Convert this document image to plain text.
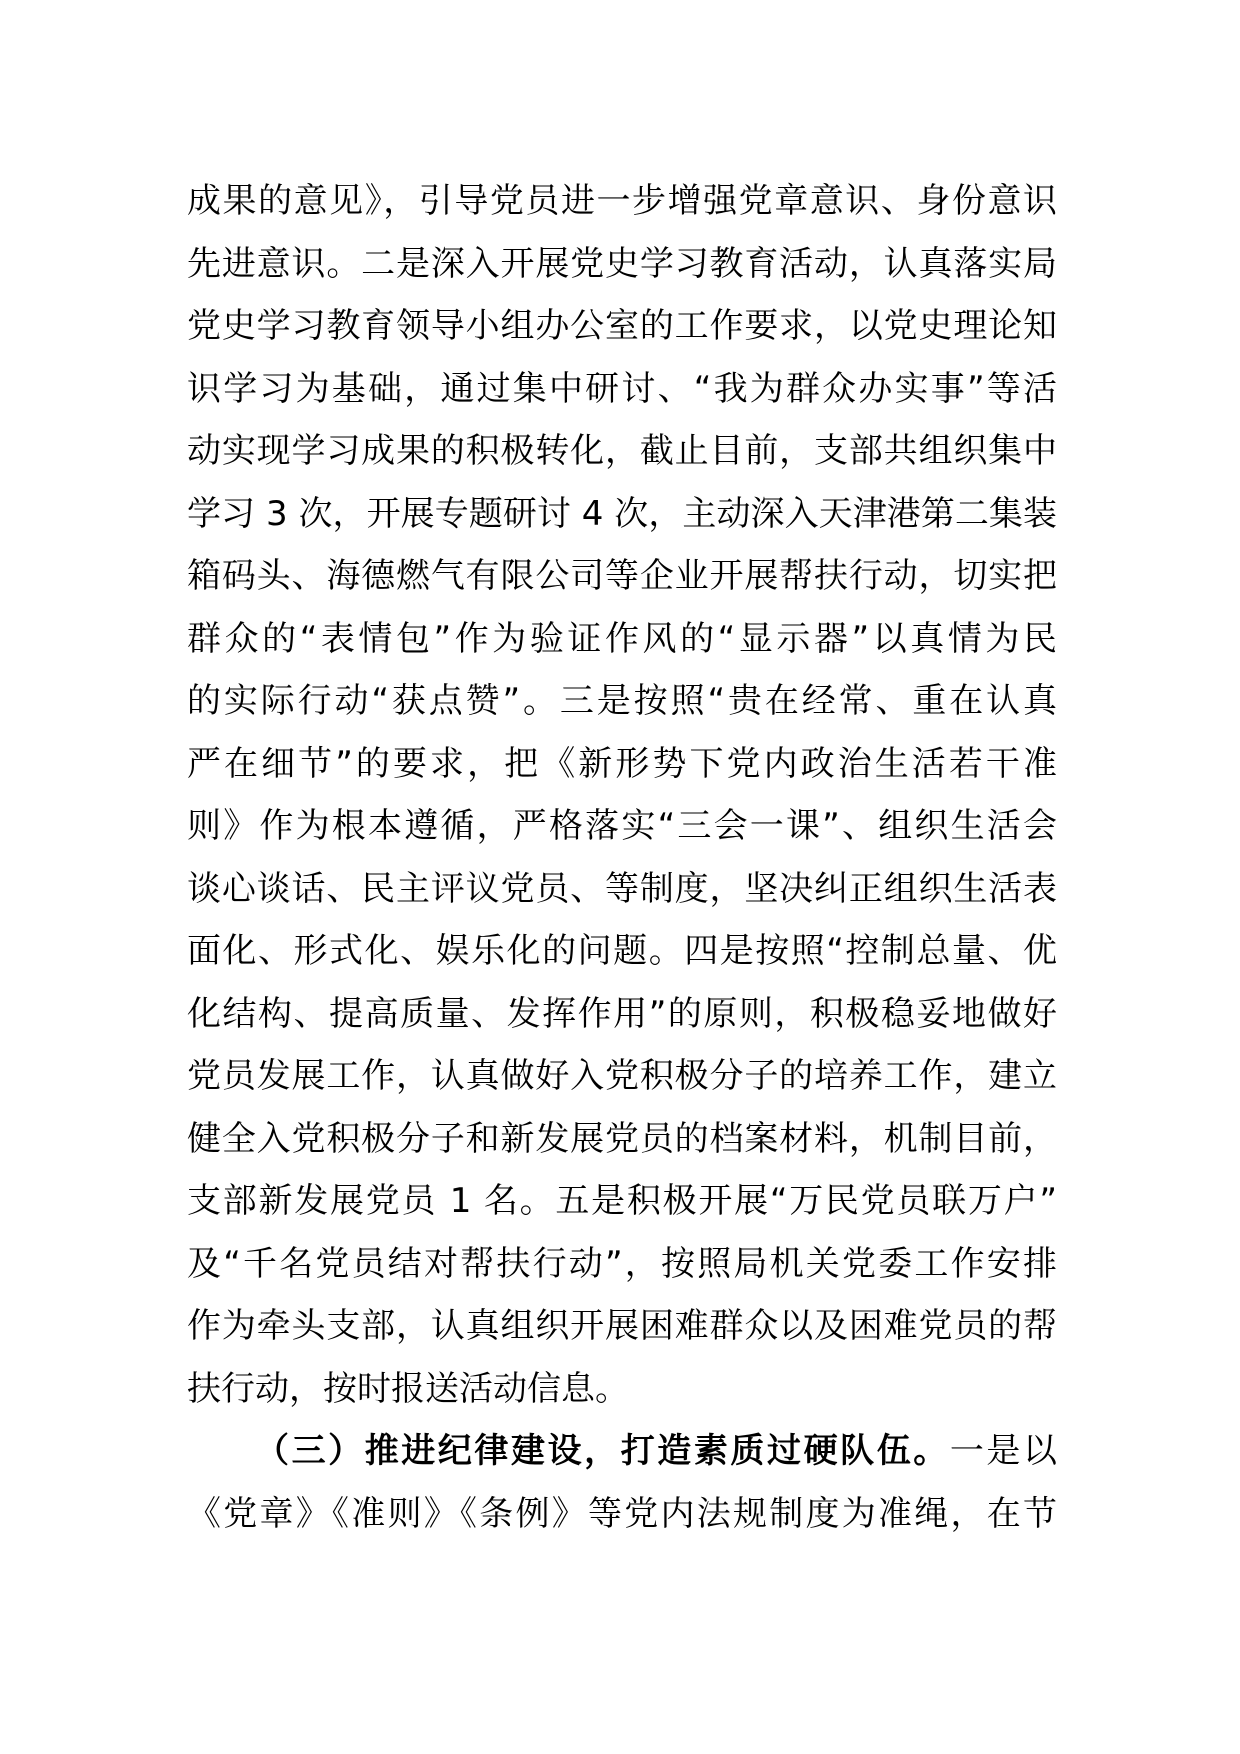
成果的意见》，引导党员进一步增强党章意识、身份意识
先进意识。二是深入开展党史学习教育活动，认真落实局
党史学习教育领导小组办公室的工作要求，以党史理论知
识学习为基础，通过集中研讨、“我为群众办实事”等活
动实现学习成果的积极转化，截止目前，支部共组织集中
学习 3 次，开展专题研讨 4 次，主动深入天津港第二集装
箱码头、海德燃气有限公司等企业开展帮扶行动，切实把
群众的“表情包”作为验证作风的“显示器”以真情为民
的实际行动“获点赞”。三是按照“贵在经常、重在认真
严在细节”的要求，把《新形势下党内政治生活若干准
则》作为根本遵循，严格落实“三会一课”、组织生活会
谈心谈话、民主评议党员、等制度，坚决纠正组织生活表
面化、形式化、娱乐化的问题。四是按照“控制总量、优
化结构、提高质量、发挥作用”的原则，积极稳妥地做好
党员发展工作，认真做好入党积极分子的培养工作，建立
健全入党积极分子和新发展党员的档案材料，机制目前，
支部新发展党员 1 名。五是积极开展“万民党员联万户”
及“千名党员结对帮扶行动”，按照局机关党委工作安排
作为牵头支部，认真组织开展困难群众以及困难党员的帮
扶行动，按时报送活动信息。
（三）推进纪律建设，打造素质过硬队伍。一是以
《党章》《准则》《条例》等党内法规制度为准绳，在节
